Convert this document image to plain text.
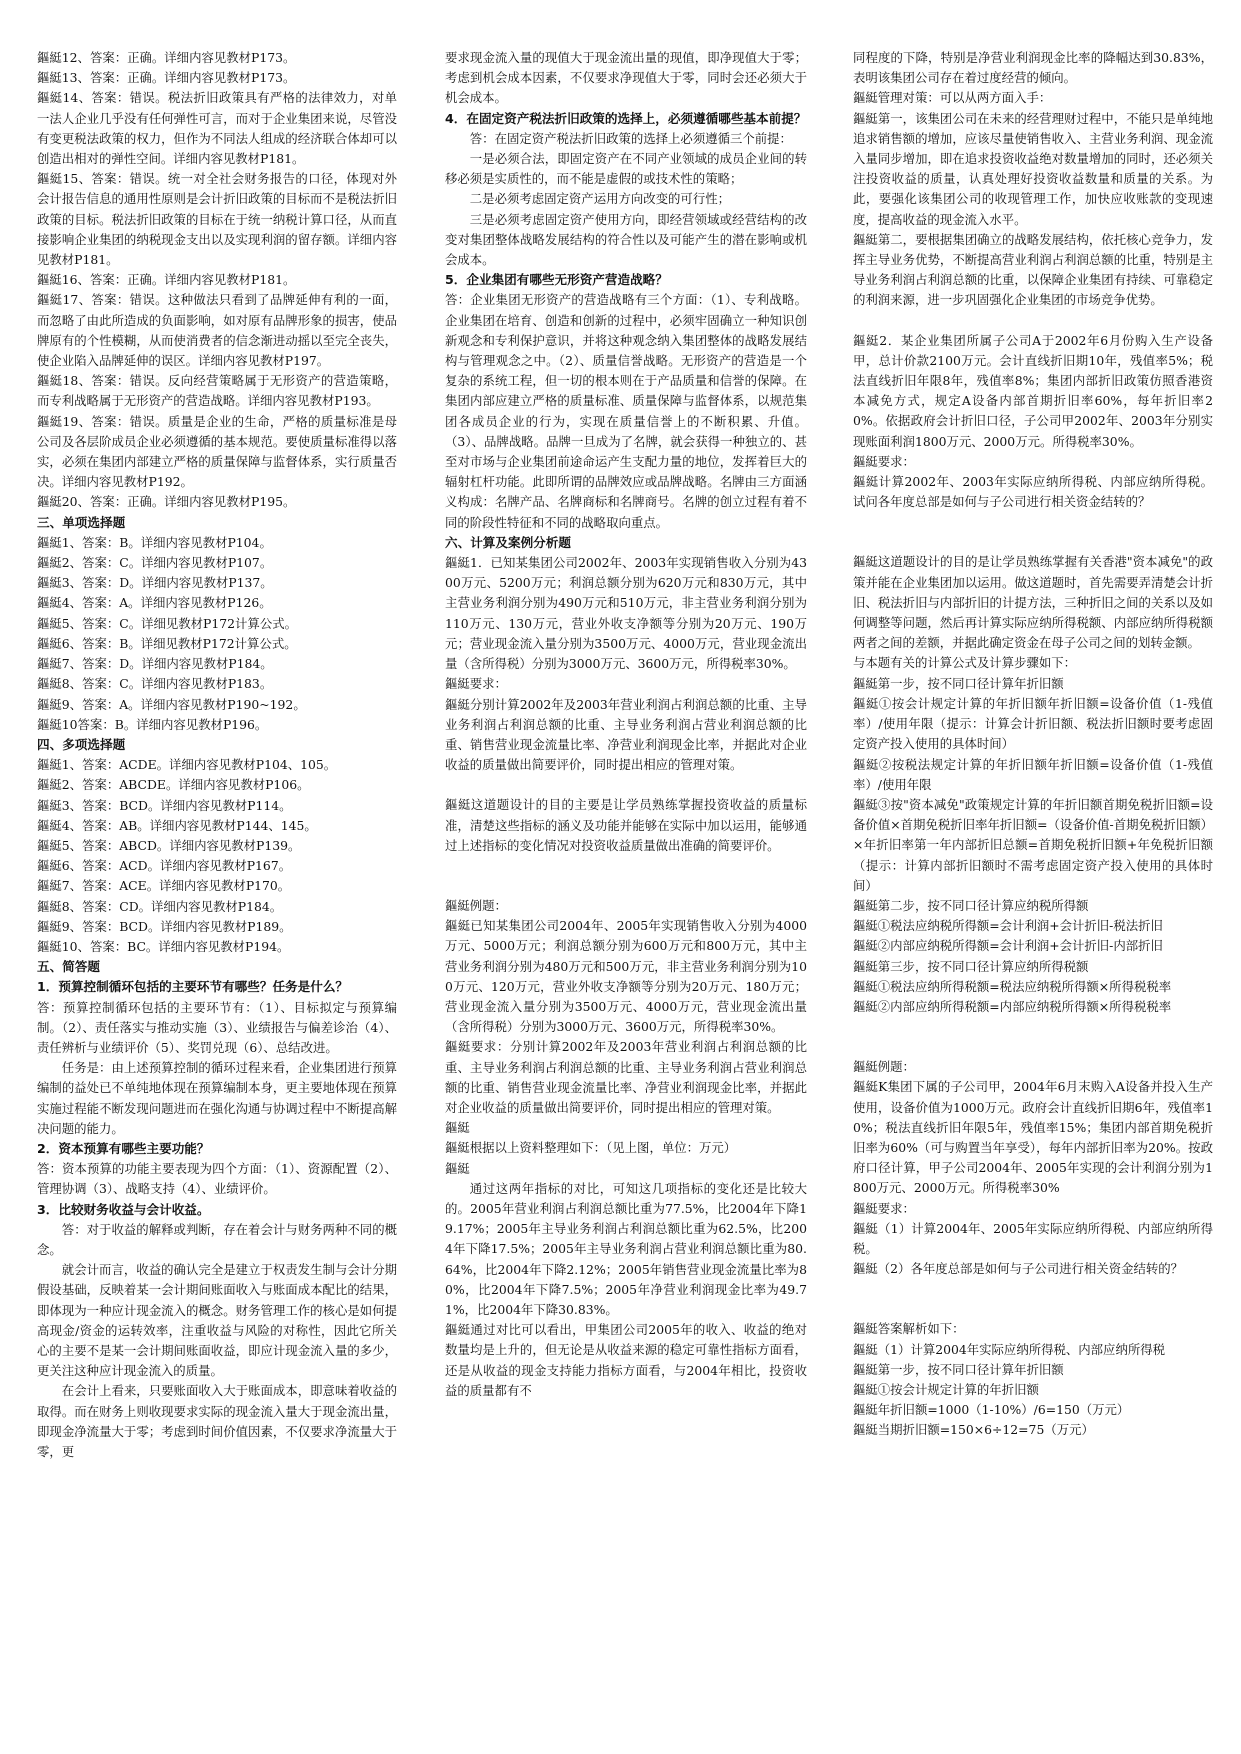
鏂綎12、答案：正确。详细内容见教材P173。
鏂綎13、答案：正确。详细内容见教材P173。
鏂綎14、答案：错误。税法折旧政策具有严格的法律效力，对单一法人企业几乎没有任何弹性可言，而对于企业集团来说，尽管没有变更税法政策的权力，但作为不同法人组成的经济联合体却可以创造出相对的弹性空间。详细内容见教材P181。
鏂綎15、答案：错误。统一对全社会财务报告的口径，体现对外会计报告信息的通用性原则是会计折旧政策的目标而不是税法折旧政策的目标。税法折旧政策的目标在于统一纳税计算口径，从而直接影响企业集团的纳税现金支出以及实现利润的留存额。详细内容见教材P181。
鏂綎16、答案：正确。详细内容见教材P181。
鏂綎17、答案：错误。这种做法只看到了品牌延伸有利的一面，而忽略了由此所造成的负面影响，如对原有品牌形象的损害，使品牌原有的个性模糊，从而使消费者的信念渐进动摇以至完全丧失，使企业陷入品牌延伸的误区。详细内容见教材P197。
鏂綎18、答案：错误。反向经营策略属于无形资产的营造策略，而专利战略属于无形资产的营造战略。详细内容见教材P193。
鏂綎19、答案：错误。质量是企业的生命，严格的质量标准是母公司及各层阶成员企业必须遵循的基本规范。要使质量标准得以落实，必须在集团内部建立严格的质量保障与监督体系，实行质量否决。详细内容见教材P192。
鏂綎20、答案：正确。详细内容见教材P195。
三、单项选择题
鏂綎1、答案：B。详细内容见教材P104。
鏂綎2、答案：C。详细内容见教材P107。
鏂綎3、答案：D。详细内容见教材P137。
鏂綎4、答案：A。详细内容见教材P126。
鏂綎5、答案：C。详细见教材P172计算公式。
鏂綎6、答案：B。详细见教材P172计算公式。
鏂綎7、答案：D。详细内容见教材P184。
鏂綎8、答案：C。详细内容见教材P183。
鏂綎9、答案：A。详细内容见教材P190~192。
鏂綎10答案：B。详细内容见教材P196。
四、多项选择题
鏂綎1、答案：ACDE。详细内容见教材P104、105。
鏂綎2、答案：ABCDE。详细内容见教材P106。
鏂綎3、答案：BCD。详细内容见教材P114。
鏂綎4、答案：AB。详细内容见教材P144、145。
鏂綎5、答案：ABCD。详细内容见教材P139。
鏂綎6、答案：ACD。详细内容见教材P167。
鏂綎7、答案：ACE。详细内容见教材P170。
鏂綎8、答案：CD。详细内容见教材P184。
鏂綎9、答案：BCD。详细内容见教材P189。
鏂綎10、答案：BC。详细内容见教材P194。
五、简答题
1．预算控制循环包括的主要环节有哪些？任务是什么？
答：预算控制循环包括的主要环节有：（1）、目标拟定与预算编制。（2）、责任落实与推动实施（3）、业绩报告与偏差诊治（4）、责任辨析与业绩评价（5）、奖罚兑现（6）、总结改进。
任务是：由上述预算控制的循环过程来看，企业集团进行预算编制的益处已不单纯地体现在预算编制本身，更主要地体现在预算实施过程能不断发现问题进而在强化沟通与协调过程中不断提高解决问题的能力。
2．资本预算有哪些主要功能？
答：资本预算的功能主要表现为四个方面：（1）、资源配置（2）、管理协调（3）、战略支持（4）、业绩评价。
3．比较财务收益与会计收益。
答：对于收益的解释或判断，存在着会计与财务两种不同的概念。
就会计而言，收益的确认完全是建立于权责发生制与会计分期假设基础，反映着某一会计期间账面收入与账面成本配比的结果，即体现为一种应计现金流入的概念。财务管理工作的核心是如何提高现金/资金的运转效率，注重收益与风险的对称性，因此它所关心的主要不是某一会计期间账面收益，即应计现金流入量的多少，更关注这种应计现金流入的质量。
在会计上看来，只要账面收入大于账面成本，即意味着收益的取得。而在财务上则收现要求实际的现金流入量大于现金流出量，即现金净流量大于零；考虑到时间价值因素，不仅要求净流量大于零，更
要求现金流入量的现值大于现金流出量的现值，即净现值大于零；考虑到机会成本因素，不仅要求净现值大于零，同时会还必须大于机会成本。
4．在固定资产税法折旧政策的选择上，必须遵循哪些基本前提？
答：在固定资产税法折旧政策的选择上必须遵循三个前提：
一是必须合法，即固定资产在不同产业领域的成员企业间的转移必须是实质性的，而不能是虚假的或技术性的策略；
二是必须考虑固定资产运用方向改变的可行性；
三是必须考虑固定资产使用方向，即经营领域或经营结构的改变对集团整体战略发展结构的符合性以及可能产生的潜在影响或机会成本。
5．企业集团有哪些无形资产营造战略？
答：企业集团无形资产的营造战略有三个方面：（1）、专利战略。企业集团在培育、创造和创新的过程中，必须牢固确立一种知识创新观念和专利保护意识，并将这种观念纳入集团整体的战略发展结构与管理观念之中。（2）、质量信誉战略。无形资产的营造是一个复杂的系统工程，但一切的根本则在于产品质量和信誉的保障。在集团内部应建立严格的质量标准、质量保障与监督体系，以规范集团各成员企业的行为，实现在质量信誉上的不断积累、升值。（3）、品牌战略。品牌一旦成为了名牌，就会获得一种独立的、甚至对市场与企业集团前途命运产生支配力量的地位，发挥着巨大的辐射杠杆功能。此即所谓的品牌效应或品牌战略。名牌由三方面涵义构成：名牌产品、名牌商标和名牌商号。名牌的创立过程有着不同的阶段性特征和不同的战略取向重点。
六、计算及案例分析题
鏂綎1．已知某集团公司2002年、2003年实现销售收入分别为4300万元、5200万元；利润总额分别为620万元和830万元，其中主营业务利润分别为490万元和510万元，非主营业务利润分别为110万元、130万元，营业外收支净额等分别为20万元、190万元；营业现金流入量分别为3500万元、4000万元，营业现金流出量（含所得税）分别为3000万元、3600万元，所得税率30%。
鏂綎要求：
鏂綎分别计算2002年及2003年营业利润占利润总额的比重、主导业务利润占利润总额的比重、主导业务利润占营业利润总额的比重、销售营业现金流量比率、净营业利润现金比率，并据此对企业收益的质量做出简要评价，同时提出相应的管理对策。
鏂綎这道题设计的目的主要是让学员熟练掌握投资收益的质量标准，清楚这些指标的涵义及功能并能够在实际中加以运用，能够通过上述指标的变化情况对投资收益质量做出准确的简要评价。
鏂綎例题：
鏂綎已知某集团公司2004年、2005年实现销售收入分别为4000万元、5000万元；利润总额分别为600万元和800万元，其中主营业务利润分别为480万元和500万元，非主营业务利润分别为100万元、120万元，营业外收支净额等分别为20万元、180万元；营业现金流入量分别为3500万元、4000万元，营业现金流出量（含所得税）分别为3000万元、3600万元，所得税率30%。
鏂綎要求：分别计算2002年及2003年营业利润占利润总额的比重、主导业务利润占利润总额的比重、主导业务利润占营业利润总额的比重、销售营业现金流量比率、净营业利润现金比率，并据此对企业收益的质量做出简要评价，同时提出相应的管理对策。
鏂綎
鏂綎根据以上资料整理如下：（见上图，单位：万元）
鏂綎
通过这两年指标的对比，可知这几项指标的变化还是比较大的。2005年营业利润占利润总额比重为77.5%，比2004年下降19.17%；2005年主导业务利润占利润总额比重为62.5%，比2004年下降17.5%；2005年主导业务利润占营业利润总额比重为80.64%，比2004年下降2.12%；2005年销售营业现金流量比率为80%，比2004年下降7.5%；2005年净营业利润现金比率为49.71%，比2004年下降30.83%。
鏂綎通过对比可以看出，甲集团公司2005年的收入、收益的绝对数量均是上升的，但无论是从收益来源的稳定可靠性指标方面看，还是从收益的现金支持能力指标方面看，与2004年相比，投资收益的质量都有不
同程度的下降，特别是净营业利润现金比率的降幅达到30.83%，表明该集团公司存在着过度经营的倾向。
鏂綎管理对策：可以从两方面入手：
鏂綎第一，该集团公司在未来的经营理财过程中，不能只是单纯地追求销售额的增加，应该尽量使销售收入、主营业务利润、现金流入量同步增加，即在追求投资收益绝对数量增加的同时，还必须关注投资收益的质量，认真处理好投资收益数量和质量的关系。为此，要强化该集团公司的收现管理工作，加快应收账款的变现速度，提高收益的现金流入水平。
鏂綎第二，要根据集团确立的战略发展结构，依托核心竞争力，发挥主导业务优势，不断提高营业利润占利润总额的比重，特别是主导业务利润占利润总额的比重，以保障企业集团有持续、可靠稳定的利润来源，进一步巩固强化企业集团的市场竞争优势。
鏂綎2．某企业集团所属子公司A于2002年6月份购入生产设备甲，总计价款2100万元。会计直线折旧期10年，残值率5%；税法直线折旧年限8年，残值率8%；集团内部折旧政策仿照香港资本减免方式，规定A设备内部首期折旧率60%，每年折旧率20%。依据政府会计折旧口径，子公司甲2002年、2003年分别实现账面利润1800万元、2000万元。所得税率30%。
鏂綎要求：
鏂綎计算2002年、2003年实际应纳所得税、内部应纳所得税。试问各年度总部是如何与子公司进行相关资金结转的？
鏂綎这道题设计的目的是让学员熟练掌握有关香港"资本减免"的政策并能在企业集团加以运用。做这道题时，首先需要弄清楚会计折旧、税法折旧与内部折旧的计提方法，三种折旧之间的关系以及如何调整等问题，然后再计算实际应纳所得税额、内部应纳所得税额两者之间的差额，并据此确定资金在母子公司之间的划转金额。
与本题有关的计算公式及计算步骤如下：
鏂綎第一步，按不同口径计算年折旧额
鏂綎①按会计规定计算的年折旧额年折旧额=设备价值（1-残值率）/使用年限（提示：计算会计折旧额、税法折旧额时要考虑固定资产投入使用的具体时间）
鏂綎②按税法规定计算的年折旧额年折旧额=设备价值（1-残值率）/使用年限
鏂綎③按"资本减免"政策规定计算的年折旧额首期免税折旧额=设备价值×首期免税折旧率年折旧额=（设备价值-首期免税折旧额）×年折旧率第一年内部折旧总额=首期免税折旧额+年免税折旧额（提示：计算内部折旧额时不需考虑固定资产投入使用的具体时间）
鏂綎第二步，按不同口径计算应纳税所得额
鏂綎①税法应纳税所得额=会计利润+会计折旧-税法折旧
鏂綎②内部应纳税所得额=会计利润+会计折旧-内部折旧
鏂綎第三步，按不同口径计算应纳所得税额
鏂綎①税法应纳所得税额=税法应纳税所得额×所得税税率
鏂綎②内部应纳所得税额=内部应纳税所得额×所得税税率
鏂綎例题：
鏂綎K集团下属的子公司甲，2004年6月末购入A设备并投入生产使用，设备价值为1000万元。政府会计直线折旧期6年，残值率10%；税法直线折旧年限5年，残值率15%；集团内部首期免税折旧率为60%（可与购置当年享受），每年内部折旧率为20%。按政府口径计算，甲子公司2004年、2005年实现的会计利润分别为1800万元、2000万元。所得税率30%
鏂綎要求：
鏂綎（1）计算2004年、2005年实际应纳所得税、内部应纳所得税。
鏂綎（2）各年度总部是如何与子公司进行相关资金结转的？
鏂綎答案解析如下：
鏂綎（1）计算2004年实际应纳所得税、内部应纳所得税
鏂綎第一步，按不同口径计算年折旧额
鏂綎①按会计规定计算的年折旧额
鏂綎年折旧额=1000（1-10%）/6=150（万元）
鏂綎当期折旧额=150×6÷12=75（万元）
